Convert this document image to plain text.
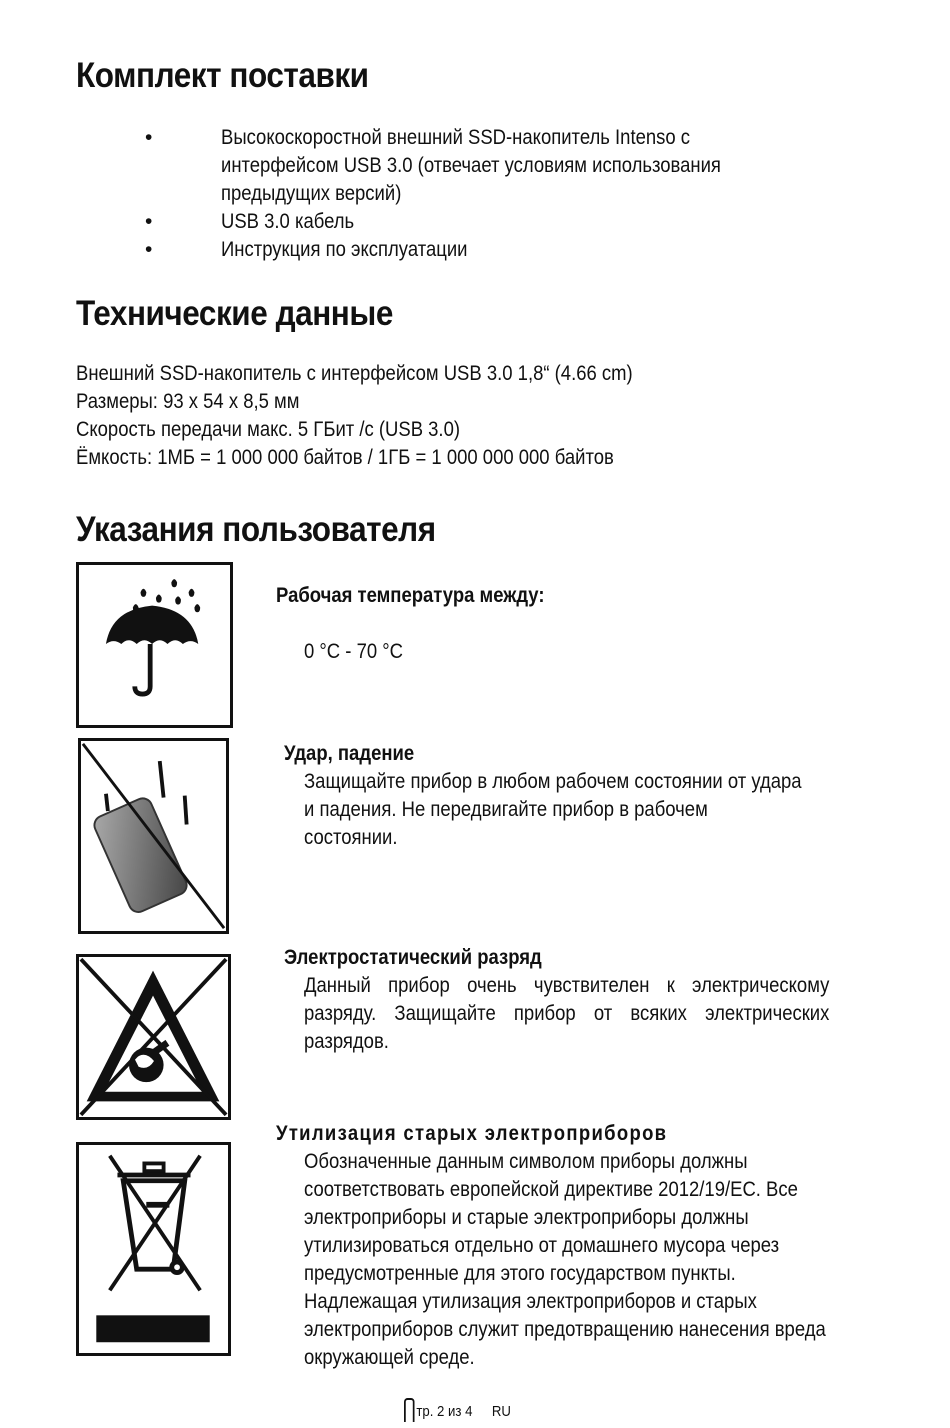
Комплект поставки
•	Высокоскоростной внешний SSD-накопитель Intenso с интерфейсом USB 3.0 (отвечает условиям использования предыдущих версий)
•	USB 3.0 кабель
•	Инструкция по эксплуатации
Технические данные
Внешний SSD-накопитель с интерфейсом USB 3.0 1,8“ (4.66 cm)
Размеры: 93 x 54 x 8,5 мм
Скорость передачи макс. 5 ГБит /c (USB 3.0)
Ёмкость: 1МБ = 1 000 000 байтов / 1ГБ = 1 000 000 000 байтов
Указания пользователя
Рабочая температура между:
0 °C - 70 °C
Удар, падение
Защищайте прибор в любом рабочем состоянии от удара и падения. Не передвигайте прибор в рабочем состоянии.
Электростатический разряд
Данный прибор очень чувствителен к электрическому разряду. Защищайте прибор от всяких электрических разрядов.
Утилизация старых электроприборов
Обозначенные данным символом приборы должны соответствовать европейской директиве 2012/19/EC. Все электроприборы и старые электроприборы должны утилизироваться отдельно от домашнего мусора через предусмотренные для этого государством пункты. Надлежащая утилизация электроприборов и старых электроприборов служит предотвращению нанесения вреда окружающей среде.
тр. 2 из 4 RU
